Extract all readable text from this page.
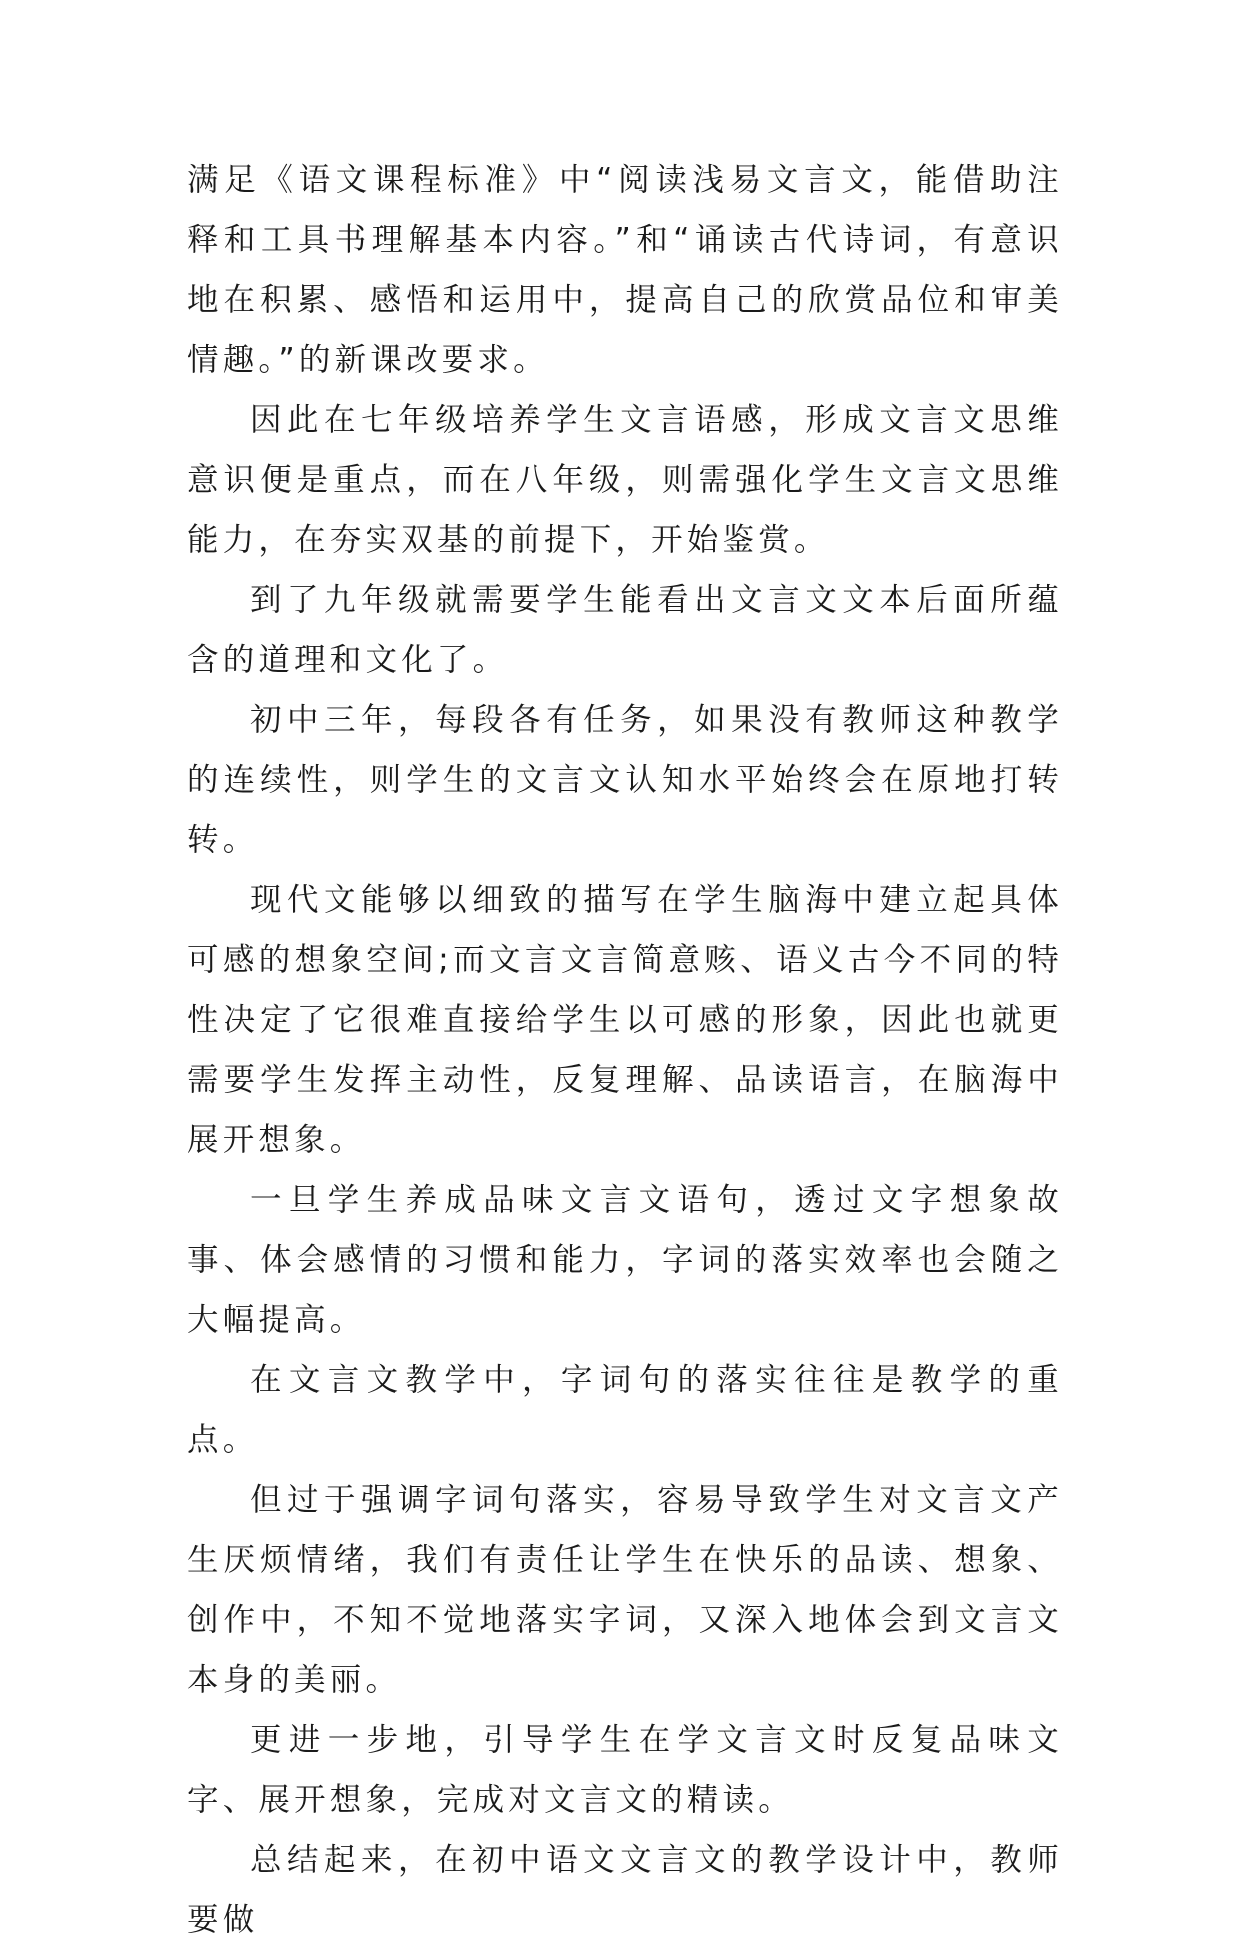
满足《语文课程标准》中“阅读浅易文言文，能借助注释和工具书理解基本内容。”和“诵读古代诗词，有意识地在积累、感悟和运用中，提高自己的欣赏品位和审美情趣。”的新课改要求。

因此在七年级培养学生文言语感，形成文言文思维意识便是重点，而在八年级，则需强化学生文言文思维能力，在夯实双基的前提下，开始鉴赏。

到了九年级就需要学生能看出文言文文本后面所蕴含的道理和文化了。

初中三年，每段各有任务，如果没有教师这种教学的连续性，则学生的文言文认知水平始终会在原地打转转。

现代文能够以细致的描写在学生脑海中建立起具体可感的想象空间;而文言文言简意赅、语义古今不同的特性决定了它很难直接给学生以可感的形象，因此也就更需要学生发挥主动性，反复理解、品读语言，在脑海中展开想象。

一旦学生养成品味文言文语句，透过文字想象故事、体会感情的习惯和能力，字词的落实效率也会随之大幅提高。

在文言文教学中，字词句的落实往往是教学的重点。

但过于强调字词句落实，容易导致学生对文言文产生厌烦情绪，我们有责任让学生在快乐的品读、想象、创作中，不知不觉地落实字词，又深入地体会到文言文本身的美丽。

更进一步地，引导学生在学文言文时反复品味文字、展开想象，完成对文言文的精读。

总结起来，在初中语文文言文的教学设计中，教师要做
